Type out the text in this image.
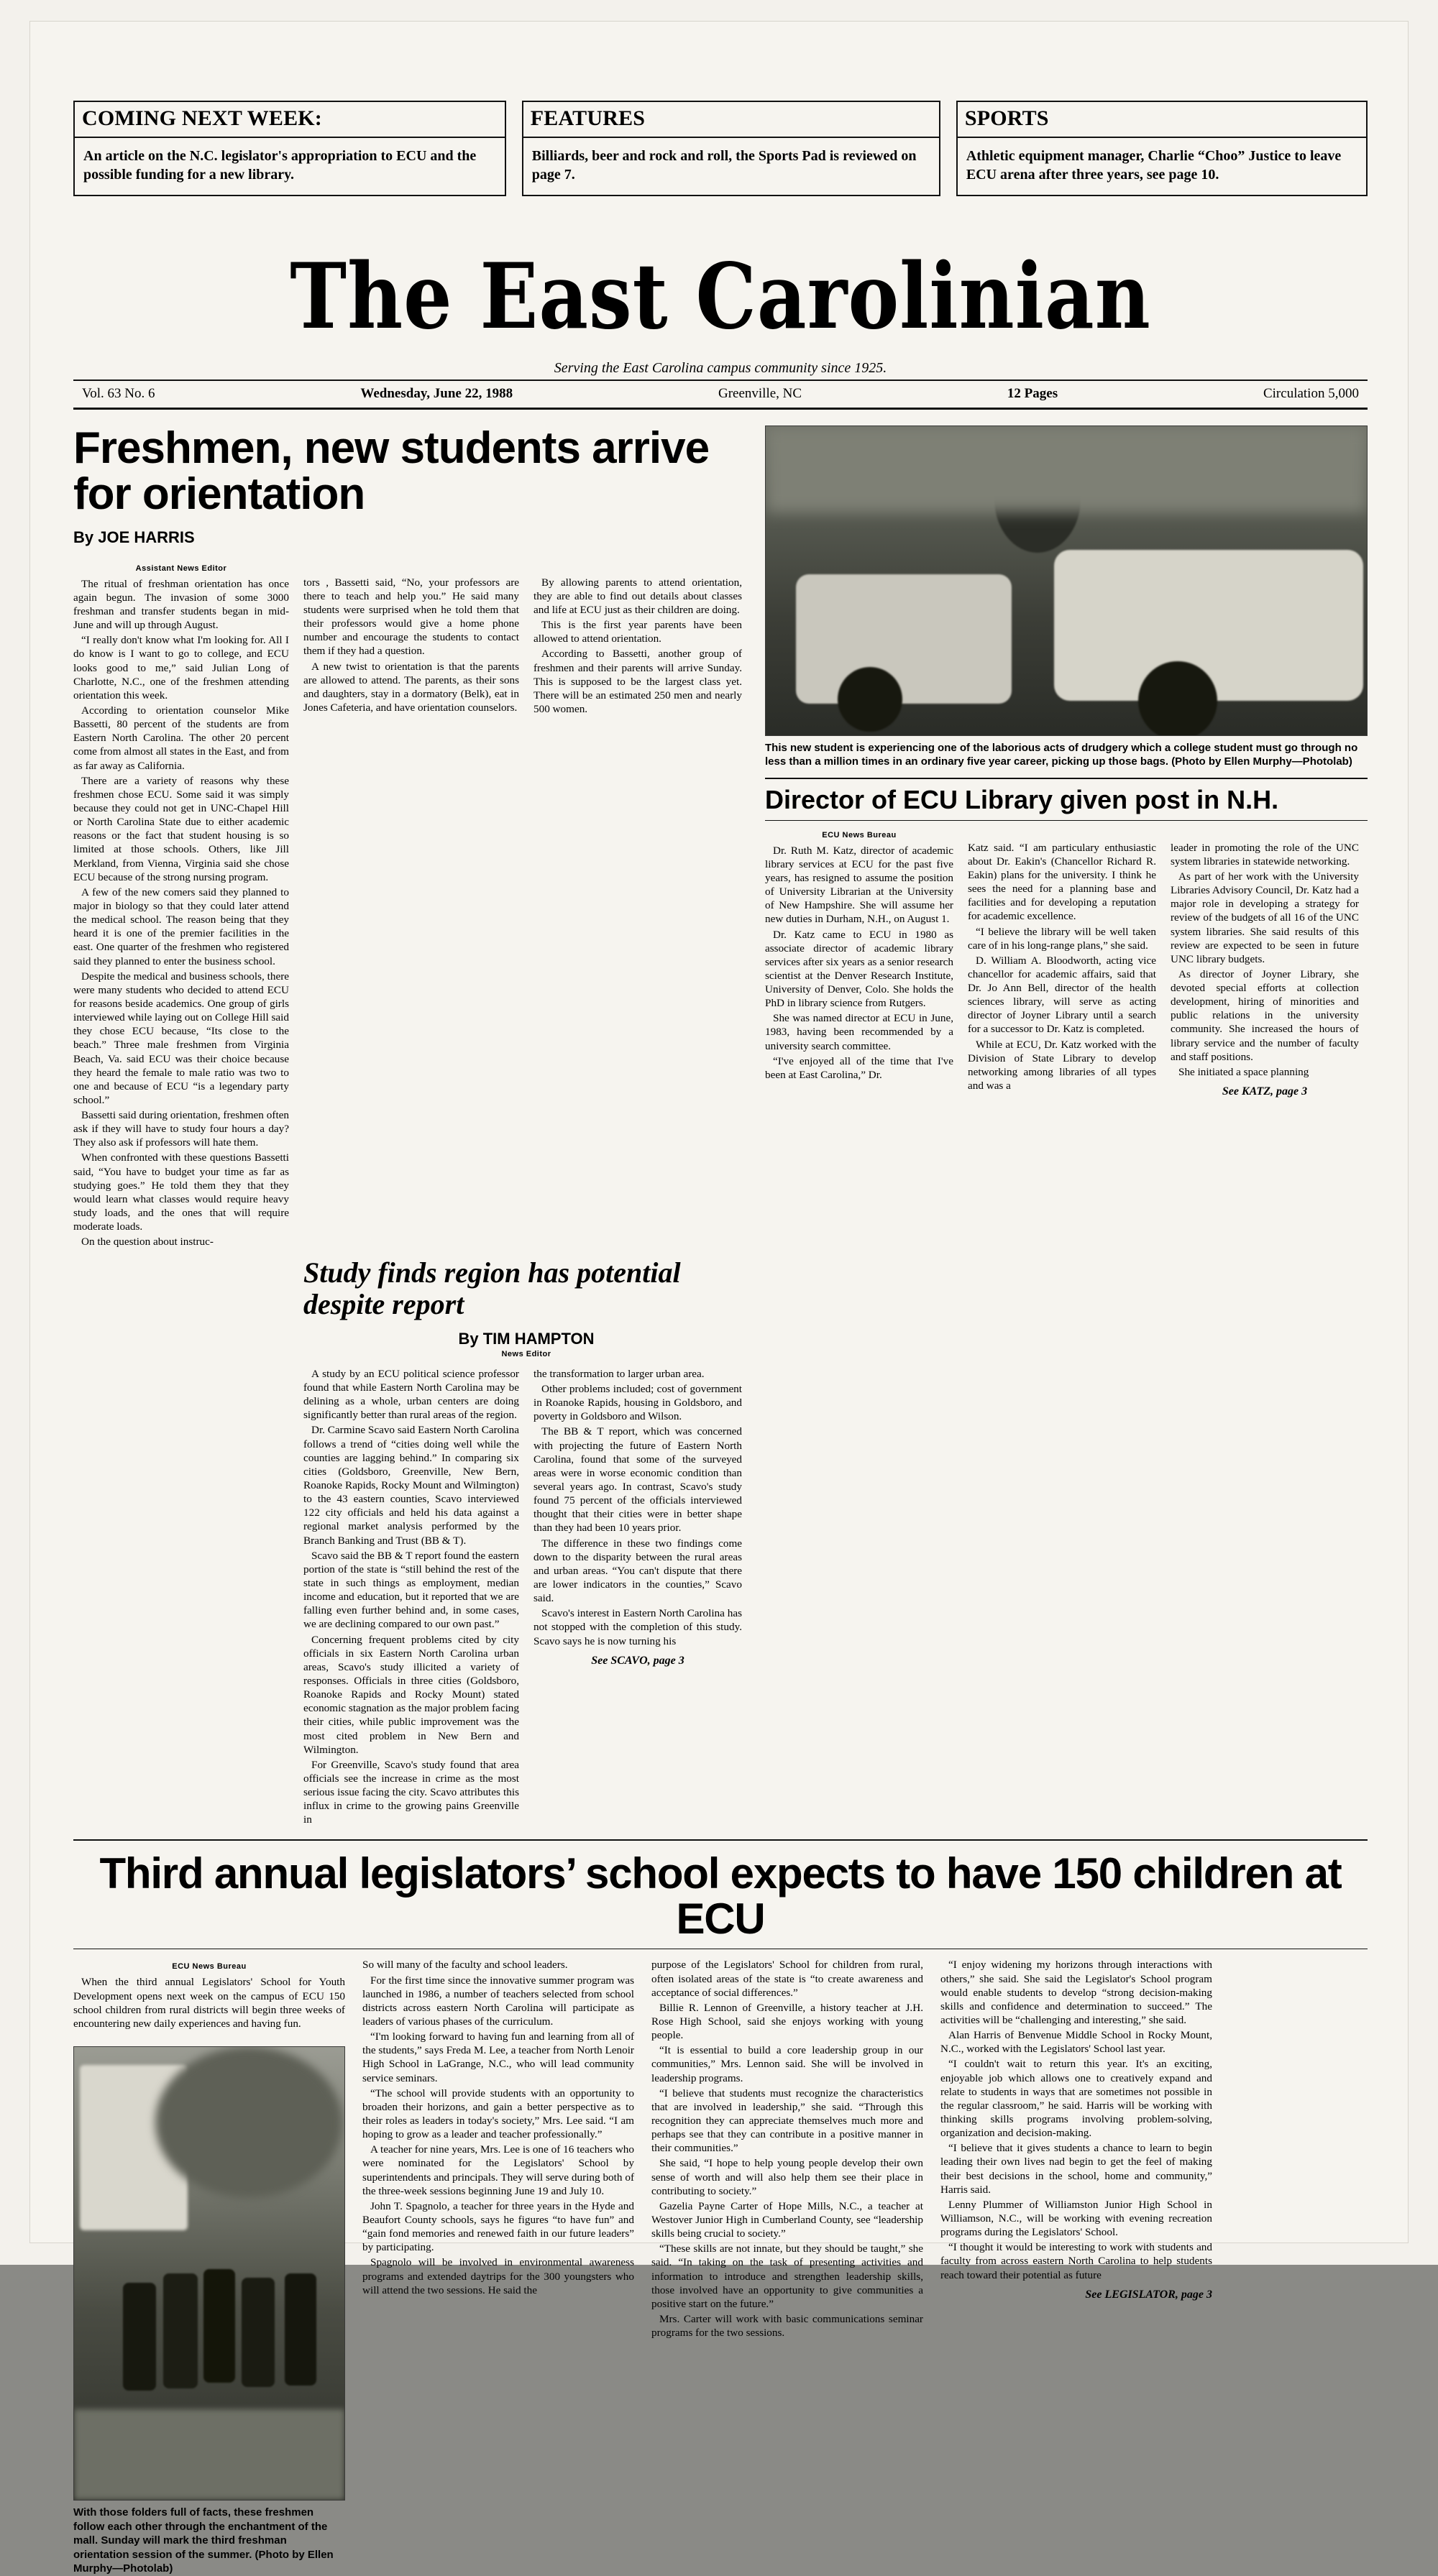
COMING NEXT WEEK:
An article on the N.C. legislator's appropriation to ECU and the possible funding for a new library.
FEATURES
Billiards, beer and rock and roll, the Sports Pad is reviewed on page 7.
SPORTS
Athletic equipment manager, Charlie “Choo” Justice to leave ECU arena after three years, see page 10.
The East Carolinian
Serving the East Carolina campus community since 1925.
Vol. 63 No. 6	Wednesday, June 22, 1988	Greenville, NC	12 Pages	Circulation 5,000
Freshmen, new students arrive for orientation
By JOE HARRIS
Assistant News Editor

The ritual of freshman orientation has once again begun. The invasion of some 3000 freshman and transfer students began in mid-June and will up through August.

“I really don't know what I'm looking for. All I do know is I want to go to college, and ECU looks good to me,” said Julian Long of Charlotte, N.C., one of the freshmen attending orientation this week.

According to orientation counselor Mike Bassetti, 80 percent of the students are from Eastern North Carolina. The other 20 percent come from almost all states in the East, and from as far away as California.

There are a variety of reasons why these freshmen chose ECU. Some said it was simply because they could not get in UNC-Chapel Hill or North Carolina State due to either academic reasons or the fact that student housing is so limited at those schools. Others, like Jill Merkland, from Vienna, Virginia said she chose ECU because of the strong nursing program.

A few of the new comers said they planned to major in biology so that they could later attend the medical school. The reason being that they heard it is one of the premier facilities in the east. One quarter of the freshmen who registered said they planned to enter the business school.

Despite the medical and business schools, there were many students who decided to attend ECU for reasons beside academics. One group of girls interviewed while laying out on College Hill said they chose ECU because, “Its close to the beach.” Three male freshmen from Virginia Beach, Va. said ECU was their choice because they heard the female to male ratio was two to one and because of ECU “is a legendary party school.”

Bassetti said during orientation, freshmen often ask if they will have to study four hours a day? They also ask if professors will hate them.

When confronted with these questions Bassetti said, “You have to budget your time as far as studying goes.” He told them they that they would learn what classes would require heavy study loads, and the ones that will require moderate loads.

On the question about instruc-

tors , Bassetti said, “No, your professors are there to teach and help you.” He said many students were surprised when he told them that their professors would give a home phone number and encourage the students to contact them if they had a question.

A new twist to orientation is that the parents are allowed to attend. The parents, as their sons and daughters, stay in a dormatory (Belk), eat in Jones Cafeteria, and have orientation counselors.

By allowing parents to attend orientation, they are able to find out details about classes and life at ECU just as their children are doing.

This is the first year parents have been allowed to attend orientation.

According to Bassetti, another group of freshmen and their parents will arrive Sunday. This is supposed to be the largest class yet. There will be an estimated 250 men and nearly 500 women.

Study finds region has potential despite report
By TIM HAMPTON
News Editor

A study by an ECU political science professor found that while Eastern North Carolina may be delining as a whole, urban centers are doing significantly better than rural areas of the region.

Dr. Carmine Scavo said Eastern North Carolina follows a trend of “cities doing well while the counties are lagging behind.” In comparing six cities (Goldsboro, Greenville, New Bern, Roanoke Rapids, Rocky Mount and Wilmington) to the 43 eastern counties, Scavo interviewed 122 city officials and held his data against a regional market analysis performed by the Branch Banking and Trust (BB & T).

Scavo said the BB & T report found the eastern portion of the state is “still behind the rest of the state in such things as employment, median income and education, but it reported that we are falling even further behind and, in some cases, we are declining compared to our own past.”

Concerning frequent problems cited by city officials in six Eastern North Carolina urban areas, Scavo's study illicited a variety of responses. Officials in three cities (Goldsboro, Roanoke Rapids and Rocky Mount) stated economic stagnation as the major problem facing their cities, while public improvement was the most cited problem in New Bern and Wilmington.

For Greenville, Scavo's study found that area officials see the increase in crime as the most serious issue facing the city. Scavo attributes this influx in crime to the growing pains Greenville in

the transformation to larger urban area.

Other problems included; cost of government in Roanoke Rapids, housing in Goldsboro, and poverty in Goldsboro and Wilson.

The BB & T report, which was concerned with projecting the future of Eastern North Carolina, found that some of the surveyed areas were in worse economic condition than several years ago. In contrast, Scavo's study found 75 percent of the officials interviewed thought that their cities were in better shape than they had been 10 years prior.

The difference in these two findings come down to the disparity between the rural areas and urban areas. “You can't dispute that there are lower indicators in the counties,” Scavo said.

Scavo's interest in Eastern North Carolina has not stopped with the completion of this study. Scavo says he is now turning his

See SCAVO, page 3
This new student is experiencing one of the laborious acts of drudgery which a college student must go through no less than a million times in an ordinary five year career, picking up those bags. (Photo by Ellen Murphy—Photolab)
Director of ECU Library given post in N.H.
ECU News Bureau

Dr. Ruth M. Katz, director of academic library services at ECU for the past five years, has resigned to assume the position of University Librarian at the University of New Hampshire. She will assume her new duties in Durham, N.H., on August 1.

Dr. Katz came to ECU in 1980 as associate director of academic library services after six years as a senior research scientist at the Denver Research Institute, University of Denver, Colo. She holds the PhD in library science from Rutgers.

She was named director at ECU in June, 1983, having been recommended by a university search committee.

“I've enjoyed all of the time that I've been at East Carolina,” Dr.

Katz said. “I am particulary enthusiastic about Dr. Eakin's (Chancellor Richard R. Eakin) plans for the university. I think he sees the need for a planning base and facilities and for developing a reputation for academic excellence.

“I believe the library will be well taken care of in his long-range plans,” she said.

D. William A. Bloodworth, acting vice chancellor for academic affairs, said that Dr. Jo Ann Bell, director of the health sciences library, will serve as acting director of Joyner Library until a search for a successor to Dr. Katz is completed.

While at ECU, Dr. Katz worked with the Division of State Library to develop networking among libraries of all types and was a

leader in promoting the role of the UNC system libraries in statewide networking.

As part of her work with the University Libraries Advisory Council, Dr. Katz had a major role in developing a strategy for review of the budgets of all 16 of the UNC system libraries. She said results of this review are expected to be seen in future UNC library budgets.

As director of Joyner Library, she devoted special efforts at collection development, hiring of minorities and public relations in the university community. She increased the hours of library service and the number of faculty and staff positions.

She initiated a space planning

See KATZ, page 3
Third annual legislators’ school expects to have 150 children at ECU
ECU News Bureau

When the third annual Legislators' School for Youth Development opens next week on the campus of ECU 150 school children from rural districts will begin three weeks of encountering new daily experiences and having fun.

With those folders full of facts, these freshmen follow each other through the enchantment of the mall. Sunday will mark the third freshman orientation session of the summer. (Photo by Ellen Murphy—Photolab)

So will many of the faculty and school leaders.

For the first time since the innovative summer program was launched in 1986, a number of teachers selected from school districts across eastern North Carolina will participate as leaders of various phases of the curriculum.

“I'm looking forward to having fun and learning from all of the students,” says Freda M. Lee, a teacher from North Lenoir High School in LaGrange, N.C., who will lead community service seminars.

“The school will provide students with an opportunity to broaden their horizons, and gain a better perspective as to their roles as leaders in today's society,” Mrs. Lee said. “I am hoping to grow as a leader and teacher professionally.”

A teacher for nine years, Mrs. Lee is one of 16 teachers who were nominated for the Legislators' School by superintendents and principals. They will serve during both of the three-week sessions beginning June 19 and July 10.

John T. Spagnolo, a teacher for three years in the Hyde and Beaufort County schools, says he figures “to have fun” and “gain fond memories and renewed faith in our future leaders” by participating.

Spagnolo will be involved in environmental awareness programs and extended daytrips for the 300 youngsters who will attend the two sessions. He said the

purpose of the Legislators' School for children from rural, often isolated areas of the state is “to create awareness and acceptance of social differences.”

Billie R. Lennon of Greenville, a history teacher at J.H. Rose High School, said she enjoys working with young people.

“It is essential to build a core leadership group in our communities,” Mrs. Lennon said. She will be involved in leadership programs.

“I believe that students must recognize the characteristics that are involved in leadership,” she said. “Through this recognition they can appreciate themselves much more and perhaps see that they can contribute in a positive manner in their communities.”

She said, “I hope to help young people develop their own sense of worth and will also help them see their place in contributing to society.”

Gazelia Payne Carter of Hope Mills, N.C., a teacher at Westover Junior High in Cumberland County, see “leadership skills being crucial to society.”

“These skills are not innate, but they should be taught,” she said. “In taking on the task of presenting activities and information to introduce and strengthen leadership skills, those involved have an opportunity to give communities a positive start on the future.”

Mrs. Carter will work with basic communications seminar programs for the two sessions.

“I enjoy widening my horizons through interactions with others,” she said. She said the Legislator's School program would enable students to develop “strong decision-making skills and confidence and determination to succeed.” The activities will be “challenging and interesting,” she said.

Alan Harris of Benvenue Middle School in Rocky Mount, N.C., worked with the Legislators' School last year.

“I couldn't wait to return this year. It's an exciting, enjoyable job which allows one to creatively expand and relate to students in ways that are sometimes not possible in the regular classroom,” he said. Harris will be working with thinking skills programs involving problem-solving, organization and decision-making.

“I believe that it gives students a chance to learn to begin leading their own lives nad begin to get the feel of making their best decisions in the school, home and community,” Harris said.

Lenny Plummer of Williamston Junior High School in Williamson, N.C., will be working with evening recreation programs during the Legislators' School.

“I thought it would be interesting to work with students and faculty from across eastern North Carolina to help students reach toward their potential as future

See LEGISLATOR, page 3
